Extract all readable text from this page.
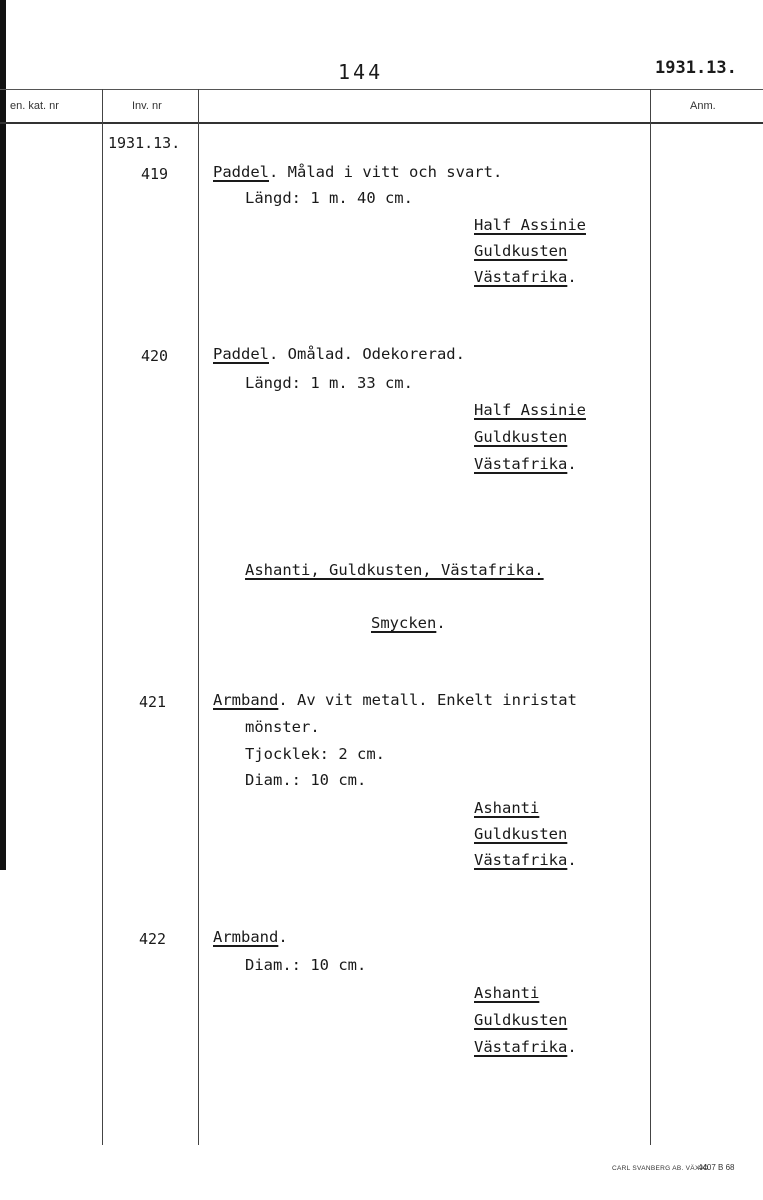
144	1931.13.
en. kat. nr	Inv. nr	Anm.
1931.13.
419	Paddel. Målad i vitt och svart.
Längd: 1 m. 40 cm.
Half Assinie
Guldkusten
Västafrika.
420	Paddel. Omålad. Odekorerad.
Längd: 1 m. 33 cm.
Half Assinie
Guldkusten
Västafrika.
Ashanti, Guldkusten, Västafrika.
Smycken.
421	Armband. Av vit metall. Enkelt inristat
mönster.
Tjocklek: 2 cm.
Diam.: 10 cm.
Ashanti
Guldkusten
Västafrika.
422	Armband.
Diam.: 10 cm.
Ashanti
Guldkusten
Västafrika.
CARL SVANBERG AB. VÄXJÖ
4407 B 68
